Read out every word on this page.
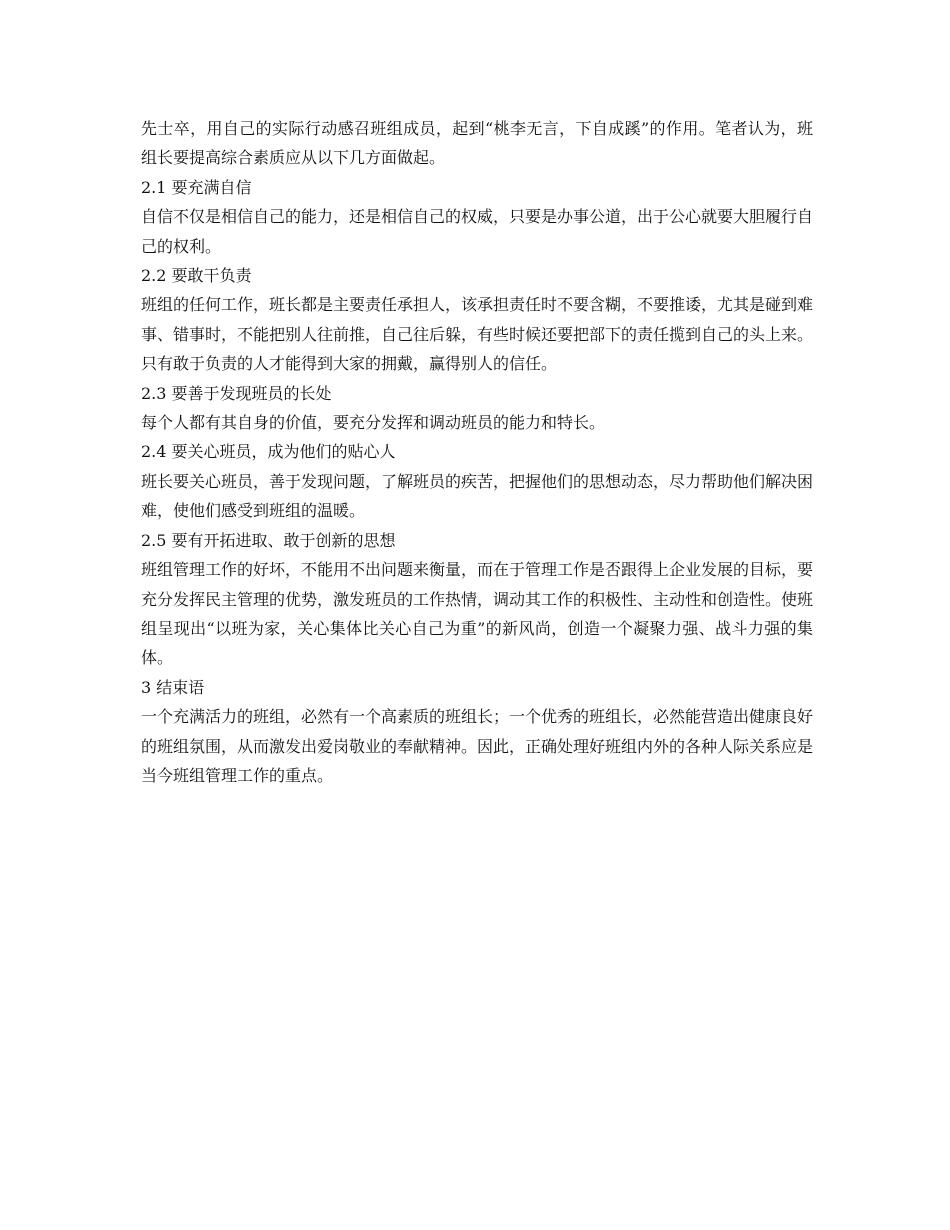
先士卒，用自己的实际行动感召班组成员，起到“桃李无言，下自成蹊”的作用。笔者认为，班组长要提高综合素质应从以下几方面做起。

2.1 要充满自信

自信不仅是相信自己的能力，还是相信自己的权威，只要是办事公道，出于公心就要大胆履行自己的权利。

2.2 要敢干负责

班组的任何工作，班长都是主要责任承担人，该承担责任时不要含糊，不要推诿，尤其是碰到难事、错事时，不能把别人往前推，自己往后躲，有些时候还要把部下的责任揽到自己的头上来。只有敢于负责的人才能得到大家的拥戴，赢得别人的信任。

2.3 要善于发现班员的长处

每个人都有其自身的价值，要充分发挥和调动班员的能力和特长。

2.4 要关心班员，成为他们的贴心人

班长要关心班员，善于发现问题，了解班员的疾苦，把握他们的思想动态，尽力帮助他们解决困难，使他们感受到班组的温暖。

2.5 要有开拓进取、敢于创新的思想

班组管理工作的好坏，不能用不出问题来衡量，而在于管理工作是否跟得上企业发展的目标，要充分发挥民主管理的优势，激发班员的工作热情，调动其工作的积极性、主动性和创造性。使班组呈现出“以班为家，关心集体比关心自己为重”的新风尚，创造一个凝聚力强、战斗力强的集体。

3 结束语

一个充满活力的班组，必然有一个高素质的班组长；一个优秀的班组长，必然能营造出健康良好的班组氛围，从而激发出爱岗敬业的奉献精神。因此，正确处理好班组内外的各种人际关系应是当今班组管理工作的重点。
